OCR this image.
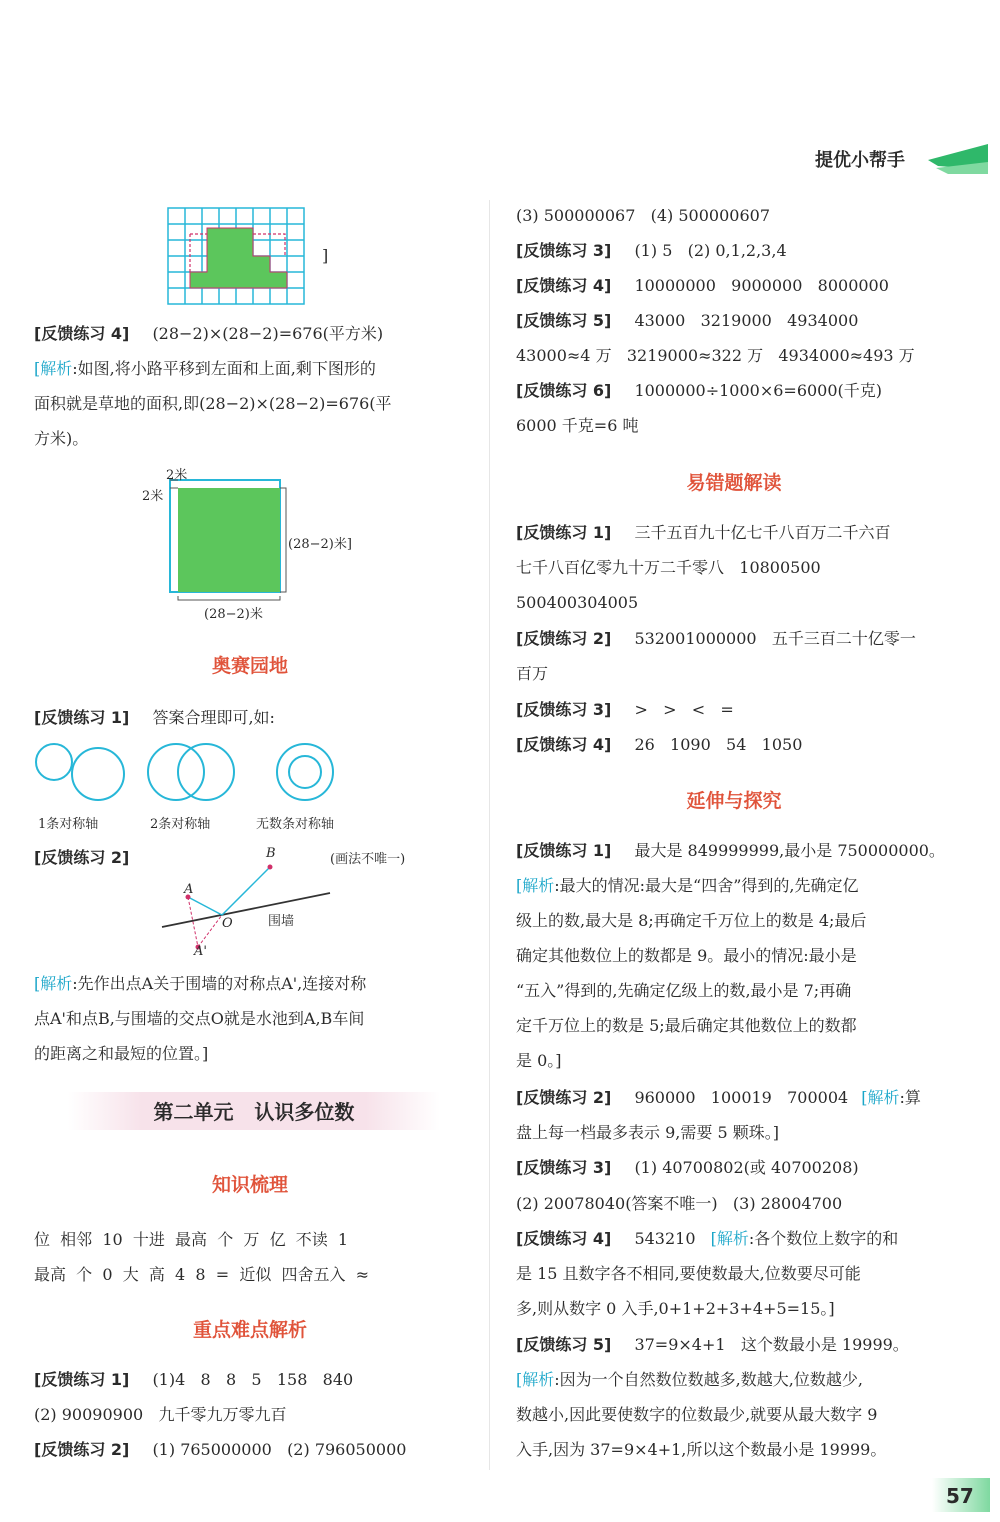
提优小帮手
]
[反馈练习 4] (28−2)×(28−2)=676(平方米)
[解析:如图,将小路平移到左面和上面,剩下图形的
面积就是草地的面积,即(28−2)×(28−2)=676(平
方米)。
2米
2米
(28−2)米]
(28−2)米
奥赛园地
[反馈练习 1] 答案合理即可,如:
1条对称轴	2条对称轴	无数条对称轴
[反馈练习 2]	(画法不唯一)
A
B
O
A'
围墙
[解析:先作出点A关于围墙的对称点A',连接对称
点A'和点B,与围墙的交点O就是水池到A,B车间
的距离之和最短的位置。]
第二单元   认识多位数
知识梳理
位  相邻  10  十进  最高  个  万  亿  不读  1
最高  个  0  大  高  4  8  =  近似  四舍五入  ≈
重点难点解析
[反馈练习 1] (1)4   8   8   5   158   840
(2) 90090900   九千零九万零九百
[反馈练习 2] (1) 765000000   (2) 796050000
(3) 500000067   (4) 500000607
[反馈练习 3] (1) 5   (2) 0,1,2,3,4
[反馈练习 4] 10000000   9000000   8000000
[反馈练习 5] 43000   3219000   4934000
43000≈4 万   3219000≈322 万   4934000≈493 万
[反馈练习 6] 1000000÷1000×6=6000(千克)
6000 千克=6 吨
易错题解读
[反馈练习 1] 三千五百九十亿七千八百万二千六百
七千八百亿零九十万二千零八   10800500
500400304005
[反馈练习 2] 532001000000   五千三百二十亿零一
百万
[反馈练习 3] >   >   <   =
[反馈练习 4] 26   1090   54   1050
延伸与探究
[反馈练习 1] 最大是 849999999,最小是 750000000。
[解析:最大的情况:最大是“四舍”得到的,先确定亿
级上的数,最大是 8;再确定千万位上的数是 4;最后
确定其他数位上的数都是 9。最小的情况:最小是
“五入”得到的,先确定亿级上的数,最小是 7;再确
定千万位上的数是 5;最后确定其他数位上的数都
是 0。]
[反馈练习 2] 960000   100019   700004 [解析:算
盘上每一档最多表示 9,需要 5 颗珠。]
[反馈练习 3] (1) 40700802(或 40700208)
(2) 20078040(答案不唯一)   (3) 28004700
[反馈练习 4] 543210 [解析:各个数位上数字的和
是 15 且数字各不相同,要使数最大,位数要尽可能
多,则从数字 0 入手,0+1+2+3+4+5=15。]
[反馈练习 5] 37=9×4+1   这个数最小是 19999。
[解析:因为一个自然数位数越多,数越大,位数越少,
数越小,因此要使数字的位数最少,就要从最大数字 9
入手,因为 37=9×4+1,所以这个数最小是 19999。
57
